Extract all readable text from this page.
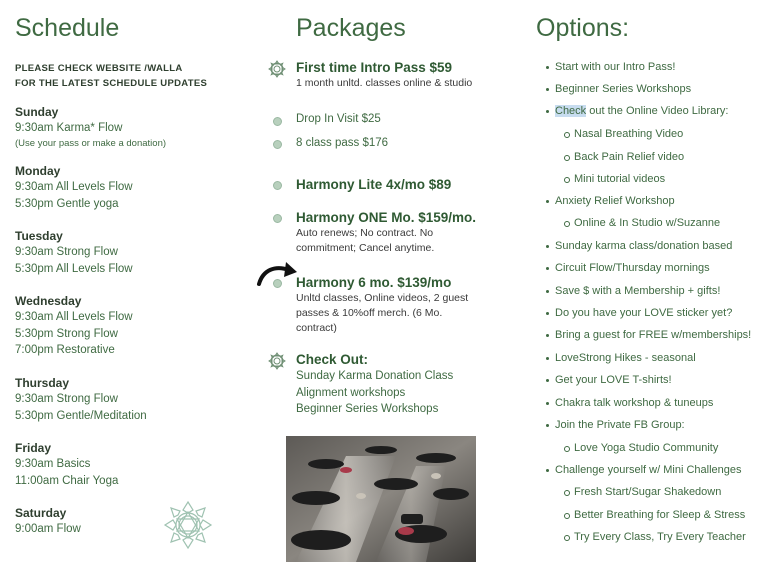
Schedule
PLEASE CHECK WEBSITE /WALLA
FOR THE LATEST SCHEDULE UPDATES
Sunday
9:30am Karma* Flow
(Use your pass or make a donation)
Monday
9:30am All Levels Flow
5:30pm Gentle yoga
Tuesday
9:30am Strong Flow
5:30pm All Levels Flow
Wednesday
9:30am All Levels Flow
5:30pm Strong Flow
7:00pm Restorative
Thursday
9:30am Strong Flow
5:30pm Gentle/Meditation
Friday
9:30am Basics
11:00am Chair Yoga
Saturday
9:00am Flow
Packages
First time Intro Pass $59
1 month unltd. classes online & studio
Drop In Visit $25
8 class pass $176
Harmony Lite 4x/mo $89
Harmony ONE Mo. $159/mo.
Auto renews; No contract. No
commitment; Cancel anytime.
Harmony 6 mo. $139/mo
Unltd classes, Online videos, 2 guest
passes & 10%off merch. (6 Mo.
contract)
Check Out:
Sunday Karma Donation Class
Alignment workshops
Beginner Series Workshops
Options:
Start with our Intro Pass!
Beginner Series Workshops
Check out the Online Video Library:
Nasal Breathing Video
Back Pain Relief video
Mini tutorial videos
Anxiety Relief Workshop
Online & In Studio w/Suzanne
Sunday karma class/donation based
Circuit Flow/Thursday mornings
Save $ with a Membership + gifts!
Do you have your LOVE sticker yet?
Bring a guest for FREE w/memberships!
LoveStrong Hikes - seasonal
Get your LOVE T-shirts!
Chakra talk workshop & tuneups
Join the Private FB Group:
Love Yoga Studio Community
Challenge yourself w/ Mini Challenges
Fresh Start/Sugar Shakedown
Better Breathing for Sleep & Stress
Try Every Class, Try Every Teacher
